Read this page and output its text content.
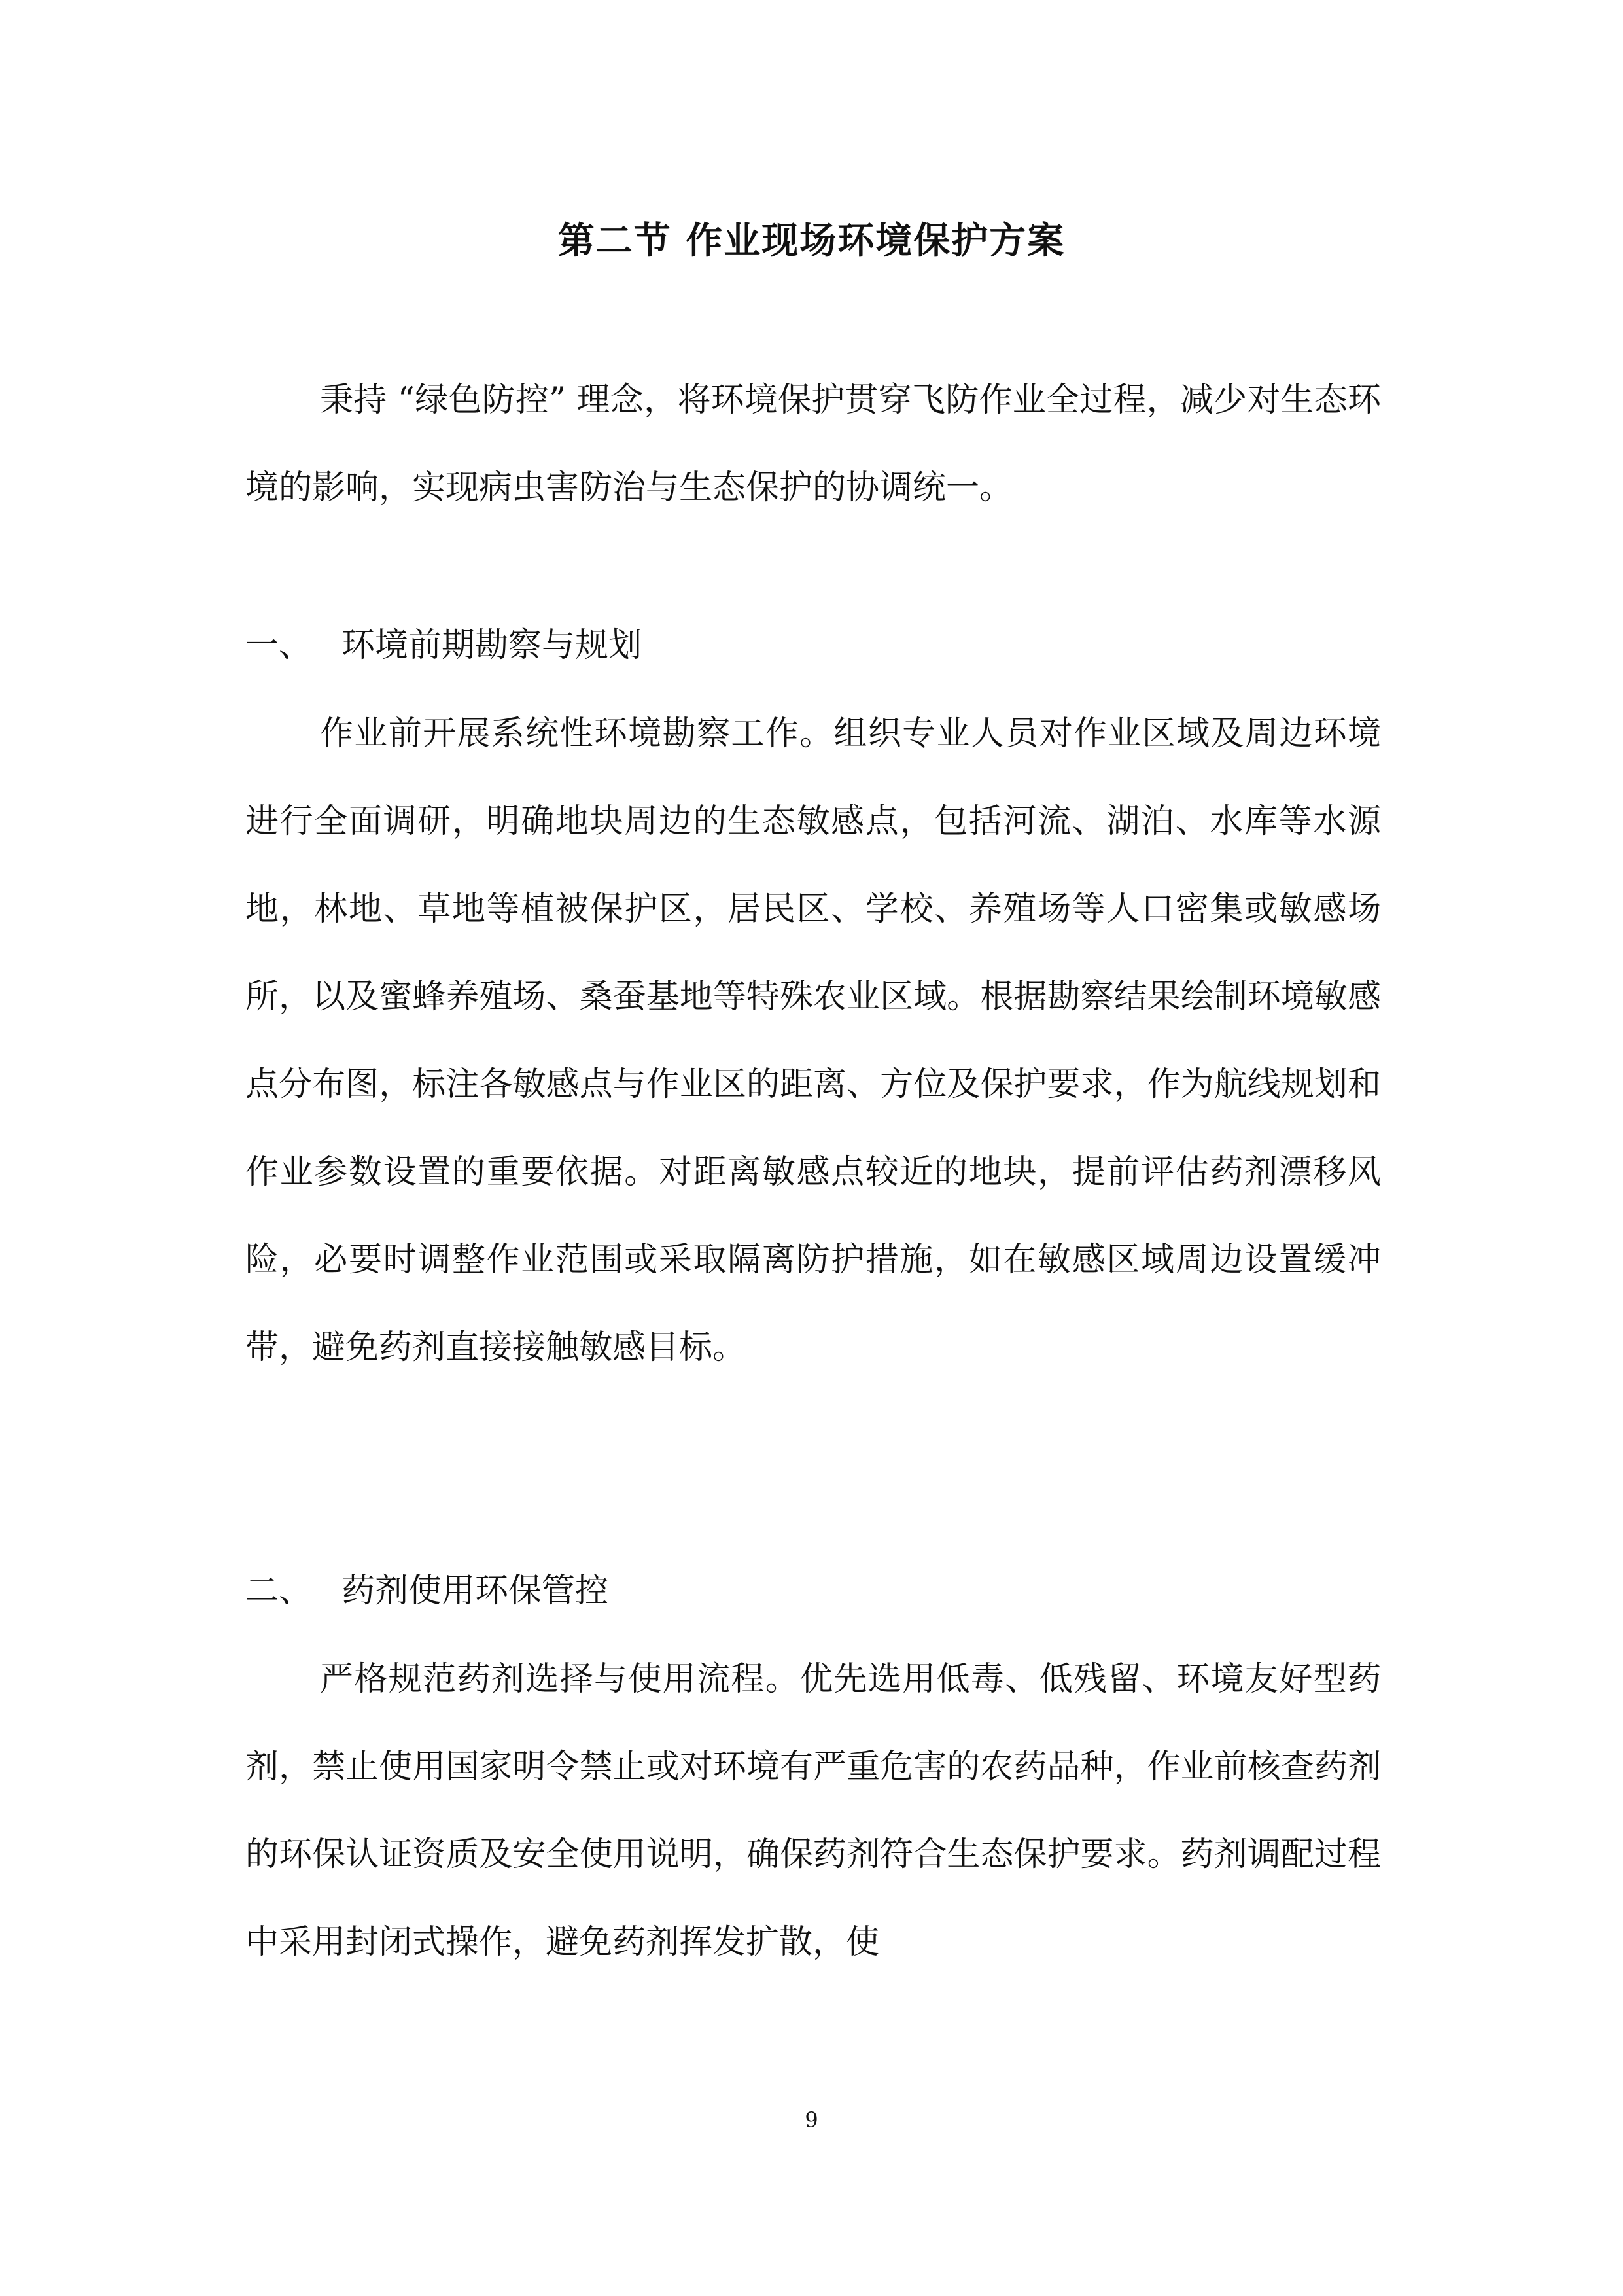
第二节 作业现场环境保护方案

秉持 “绿色防控” 理念，将环境保护贯穿飞防作业全过程，减少对生态环境的影响，实现病虫害防治与生态保护的协调统一。

一、 环境前期勘察与规划

作业前开展系统性环境勘察工作。组织专业人员对作业区域及周边环境进行全面调研，明确地块周边的生态敏感点，包括河流、湖泊、水库等水源地，林地、草地等植被保护区，居民区、学校、养殖场等人口密集或敏感场所，以及蜜蜂养殖场、桑蚕基地等特殊农业区域。根据勘察结果绘制环境敏感点分布图，标注各敏感点与作业区的距离、方位及保护要求，作为航线规划和作业参数设置的重要依据。对距离敏感点较近的地块，提前评估药剂漂移风险，必要时调整作业范围或采取隔离防护措施，如在敏感区域周边设置缓冲带，避免药剂直接接触敏感目标。

二、 药剂使用环保管控

严格规范药剂选择与使用流程。优先选用低毒、低残留、环境友好型药剂，禁止使用国家明令禁止或对环境有严重危害的农药品种，作业前核查药剂的环保认证资质及安全使用说明，确保药剂符合生态保护要求。药剂调配过程中采用封闭式操作，避免药剂挥发扩散，使

9
